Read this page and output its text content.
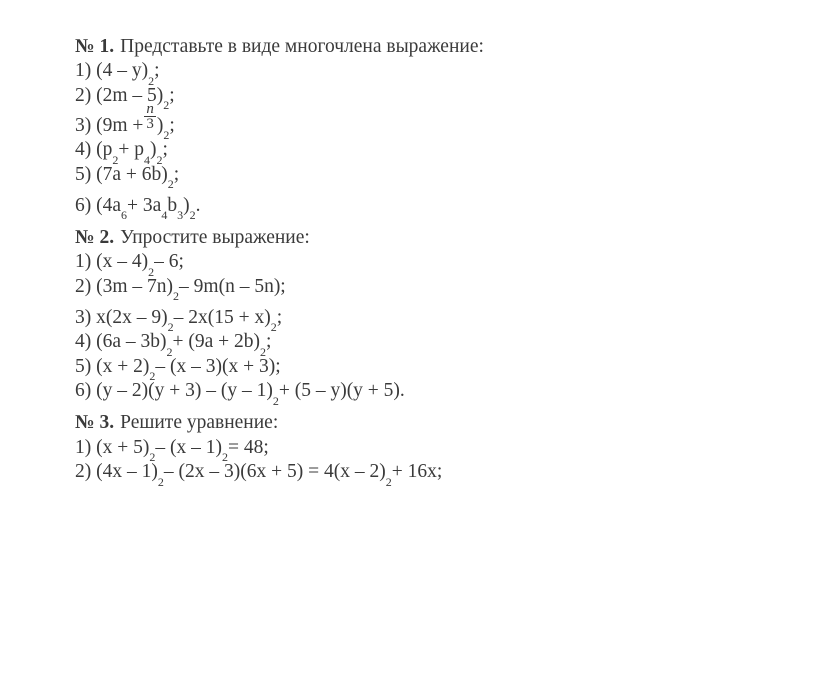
№ 1. Представьте в виде многочлена выражение:
1) (4 – y) 2 ;
2) (2m – 5) 2 ;
3) ($9m + \frac{n}{3}$ ) 2 ;
4) (p 2 + p 4 ) 2 ;
5) (7a + 6b) 2 ;
6) (4a 6 + 3a 4 b 3 ) 2 .
№ 2. Упростите выражение:
1) (x – 4) 2 – 6;
2) (3m – 7n) 2 – 9m(n – 5n);
3) x(2x – 9) 2 – 2x(15 + x) 2 ;
4) (6a – 3b) 2 + (9a + 2b) 2 ;
5) (x + 2) 2 – (x – 3)(x + 3);
6) (y – 2)(y + 3) – (y – 1) 2 + (5 – y)(y + 5).
№ 3. Решите уравнение:
1) (x + 5) 2 – (x – 1) 2 = 48;
2) (4x – 1) 2 – (2x – 3)(6x + 5) = 4(x – 2) 2 + 16x;
